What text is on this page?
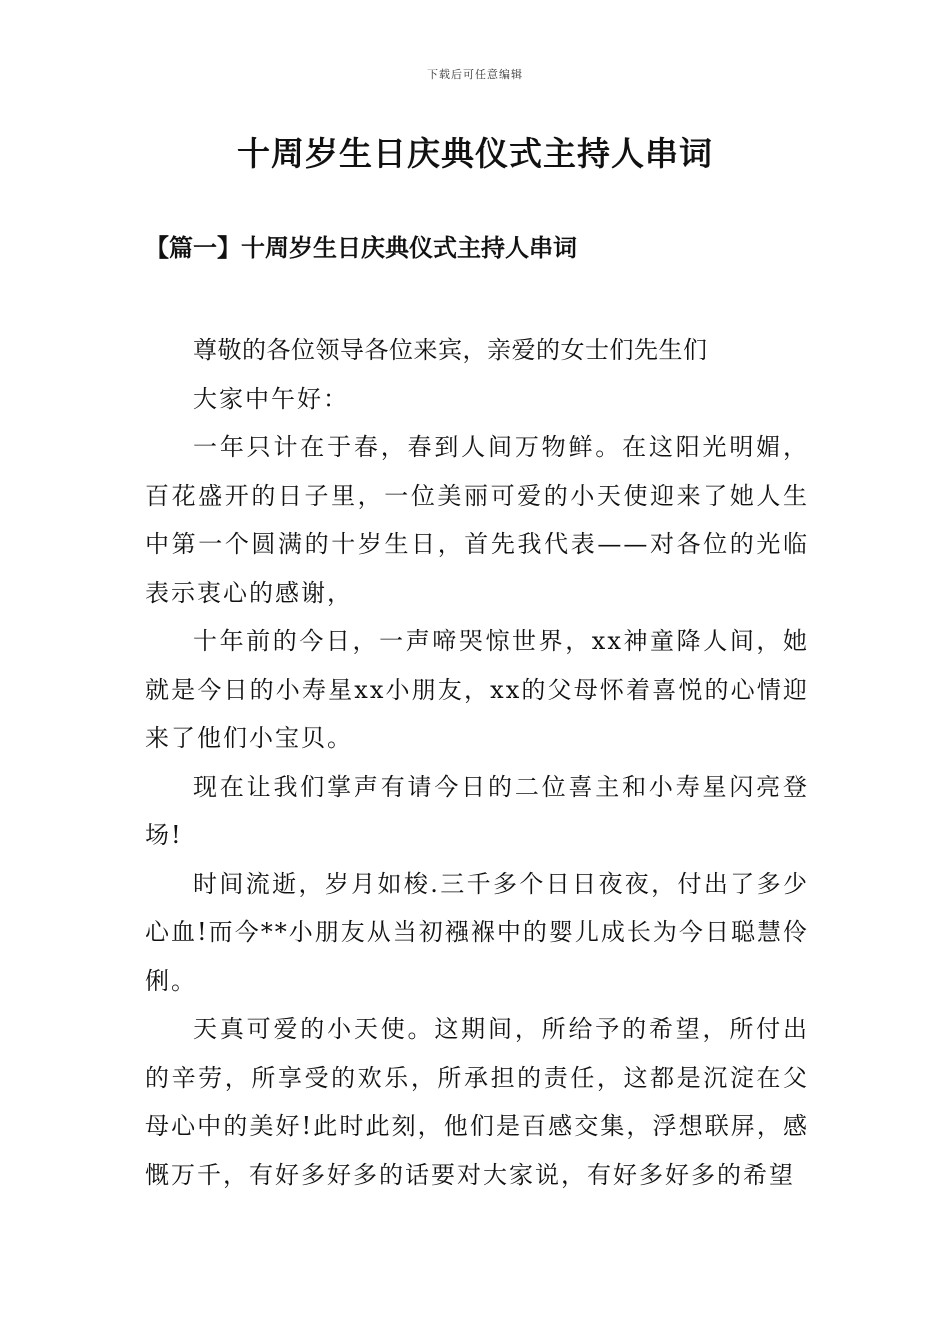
下载后可任意编辑
十周岁生日庆典仪式主持人串词
【篇一】十周岁生日庆典仪式主持人串词

尊敬的各位领导各位来宾，亲爱的女士们先生们

大家中午好：

一年只计在于春，春到人间万物鲜。在这阳光明媚，百花盛开的日子里，一位美丽可爱的小天使迎来了她人生中第一个圆满的十岁生日，首先我代表——对各位的光临表示衷心的感谢，

十年前的今日，一声啼哭惊世界，xx神童降人间，她就是今日的小寿星xx小朋友，xx的父母怀着喜悦的心情迎来了他们小宝贝。

现在让我们掌声有请今日的二位喜主和小寿星闪亮登场!

时间流逝，岁月如梭.三千多个日日夜夜，付出了多少心血!而今**小朋友从当初襁褓中的婴儿成长为今日聪慧伶俐。

天真可爱的小天使。这期间，所给予的希望，所付出的辛劳，所享受的欢乐，所承担的责任，这都是沉淀在父母心中的美好!此时此刻，他们是百感交集，浮想联屏，感慨万千，有好多好多的话要对大家说，有好多好多的希望
